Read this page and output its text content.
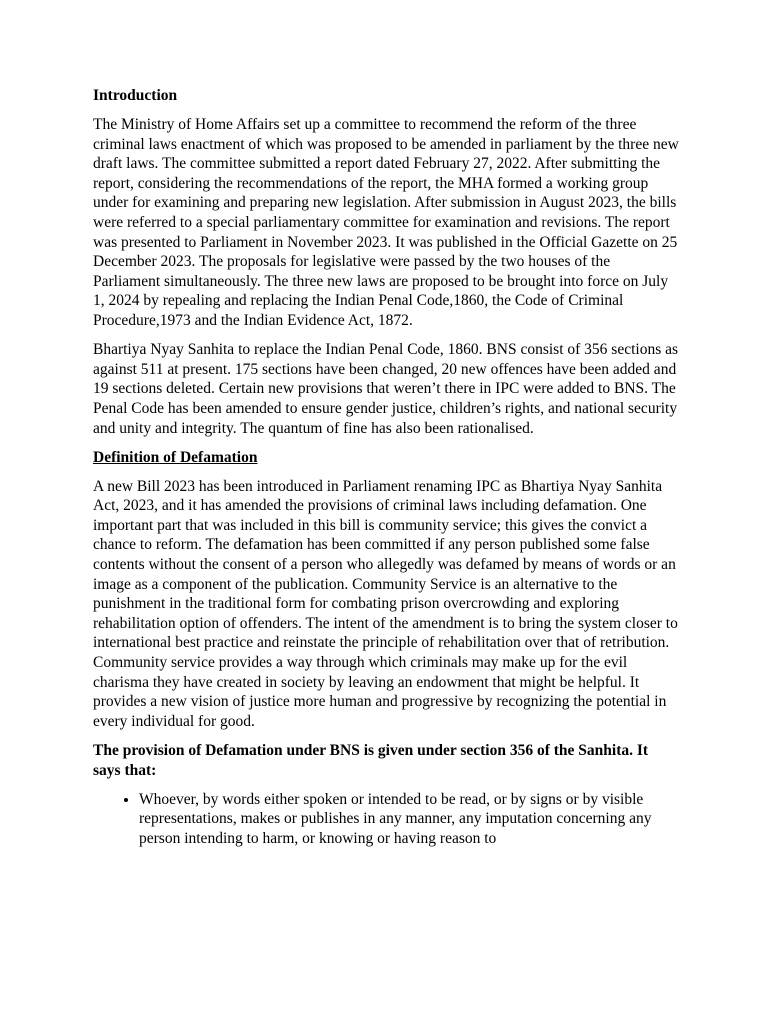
Introduction

The Ministry of Home Affairs set up a committee to recommend the reform of the three criminal laws enactment of which was proposed to be amended in parliament by the three new draft laws. The committee submitted a report dated February 27, 2022. After submitting the report, considering the recommendations of the report, the MHA formed a working group under for examining and preparing new legislation. After submission in August 2023, the bills were referred to a special parliamentary committee for examination and revisions. The report was presented to Parliament in November 2023. It was published in the Official Gazette on 25 December 2023. The proposals for legislative were passed by the two houses of the Parliament simultaneously. The three new laws are proposed to be brought into force on July 1, 2024 by repealing and replacing the Indian Penal Code,1860, the Code of Criminal Procedure,1973 and the Indian Evidence Act, 1872.

Bhartiya Nyay Sanhita to replace the Indian Penal Code, 1860. BNS consist of 356 sections as against 511 at present. 175 sections have been changed, 20 new offences have been added and 19 sections deleted. Certain new provisions that weren’t there in IPC were added to BNS. The Penal Code has been amended to ensure gender justice, children’s rights, and national security and unity and integrity. The quantum of fine has also been rationalised.

Definition of Defamation

A new Bill 2023 has been introduced in Parliament renaming IPC as Bhartiya Nyay Sanhita Act, 2023, and it has amended the provisions of criminal laws including defamation. One important part that was included in this bill is community service; this gives the convict a chance to reform. The defamation has been committed if any person published some false contents without the consent of a person who allegedly was defamed by means of words or an image as a component of the publication. Community Service is an alternative to the punishment in the traditional form for combating prison overcrowding and exploring rehabilitation option of offenders. The intent of the amendment is to bring the system closer to international best practice and reinstate the principle of rehabilitation over that of retribution. Community service provides a way through which criminals may make up for the evil charisma they have created in society by leaving an endowment that might be helpful. It provides a new vision of justice more human and progressive by recognizing the potential in every individual for good.

The provision of Defamation under BNS is given under section 356 of the Sanhita. It says that:

• Whoever, by words either spoken or intended to be read, or by signs or by visible representations, makes or publishes in any manner, any imputation concerning any person intending to harm, or knowing or having reason to
